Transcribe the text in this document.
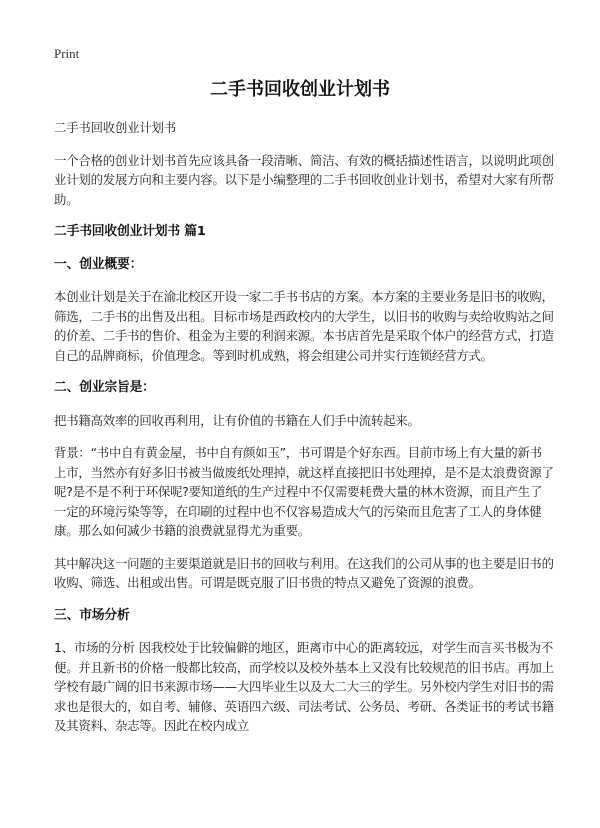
Print
二手书回收创业计划书

二手书回收创业计划书

一个合格的创业计划书首先应该具备一段清晰、简洁、有效的概括描述性语言，以说明此项创业计划的发展方向和主要内容。以下是小编整理的二手书回收创业计划书，希望对大家有所帮助。

二手书回收创业计划书 篇1
一、创业概要：

本创业计划是关于在渝北校区开设一家二手书书店的方案。本方案的主要业务是旧书的收购，筛选，二手书的出售及出租。目标市场是西政校内的大学生，以旧书的收购与卖给收购站之间的价差、二手书的售价、租金为主要的利润来源。本书店首先是采取个体户的经营方式，打造自己的品牌商标，价值理念。等到时机成熟，将会组建公司并实行连锁经营方式。

二、创业宗旨是：

把书籍高效率的回收再利用，让有价值的书籍在人们手中流转起来。

背景：“书中自有黄金屋，书中自有颜如玉”，书可谓是个好东西。目前市场上有大量的新书上市，当然亦有好多旧书被当做废纸处理掉，就这样直接把旧书处理掉，是不是太浪费资源了呢?是不是不利于环保呢?要知道纸的生产过程中不仅需要耗费大量的林木资源，而且产生了一定的环境污染等等，在印刷的过程中也不仅容易造成大气的污染而且危害了工人的身体健康。那么如何减少书籍的浪费就显得尤为重要。

其中解决这一问题的主要渠道就是旧书的回收与利用。在这我们的公司从事的也主要是旧书的收购、筛选、出租或出售。可谓是既克服了旧书贵的特点又避免了资源的浪费。

三、市场分析

1、市场的分析 因我校处于比较偏僻的地区，距离市中心的距离较远，对学生而言买书极为不便。并且新书的价格一般都比较高，而学校以及校外基本上又没有比较规范的旧书店。再加上学校有最广阔的旧书来源市场——大四毕业生以及大二大三的学生。另外校内学生对旧书的需求也是很大的，如自考、辅修、英语四六级、司法考试、公务员、考研、各类证书的考试书籍及其资料、杂志等。因此在校内成立
